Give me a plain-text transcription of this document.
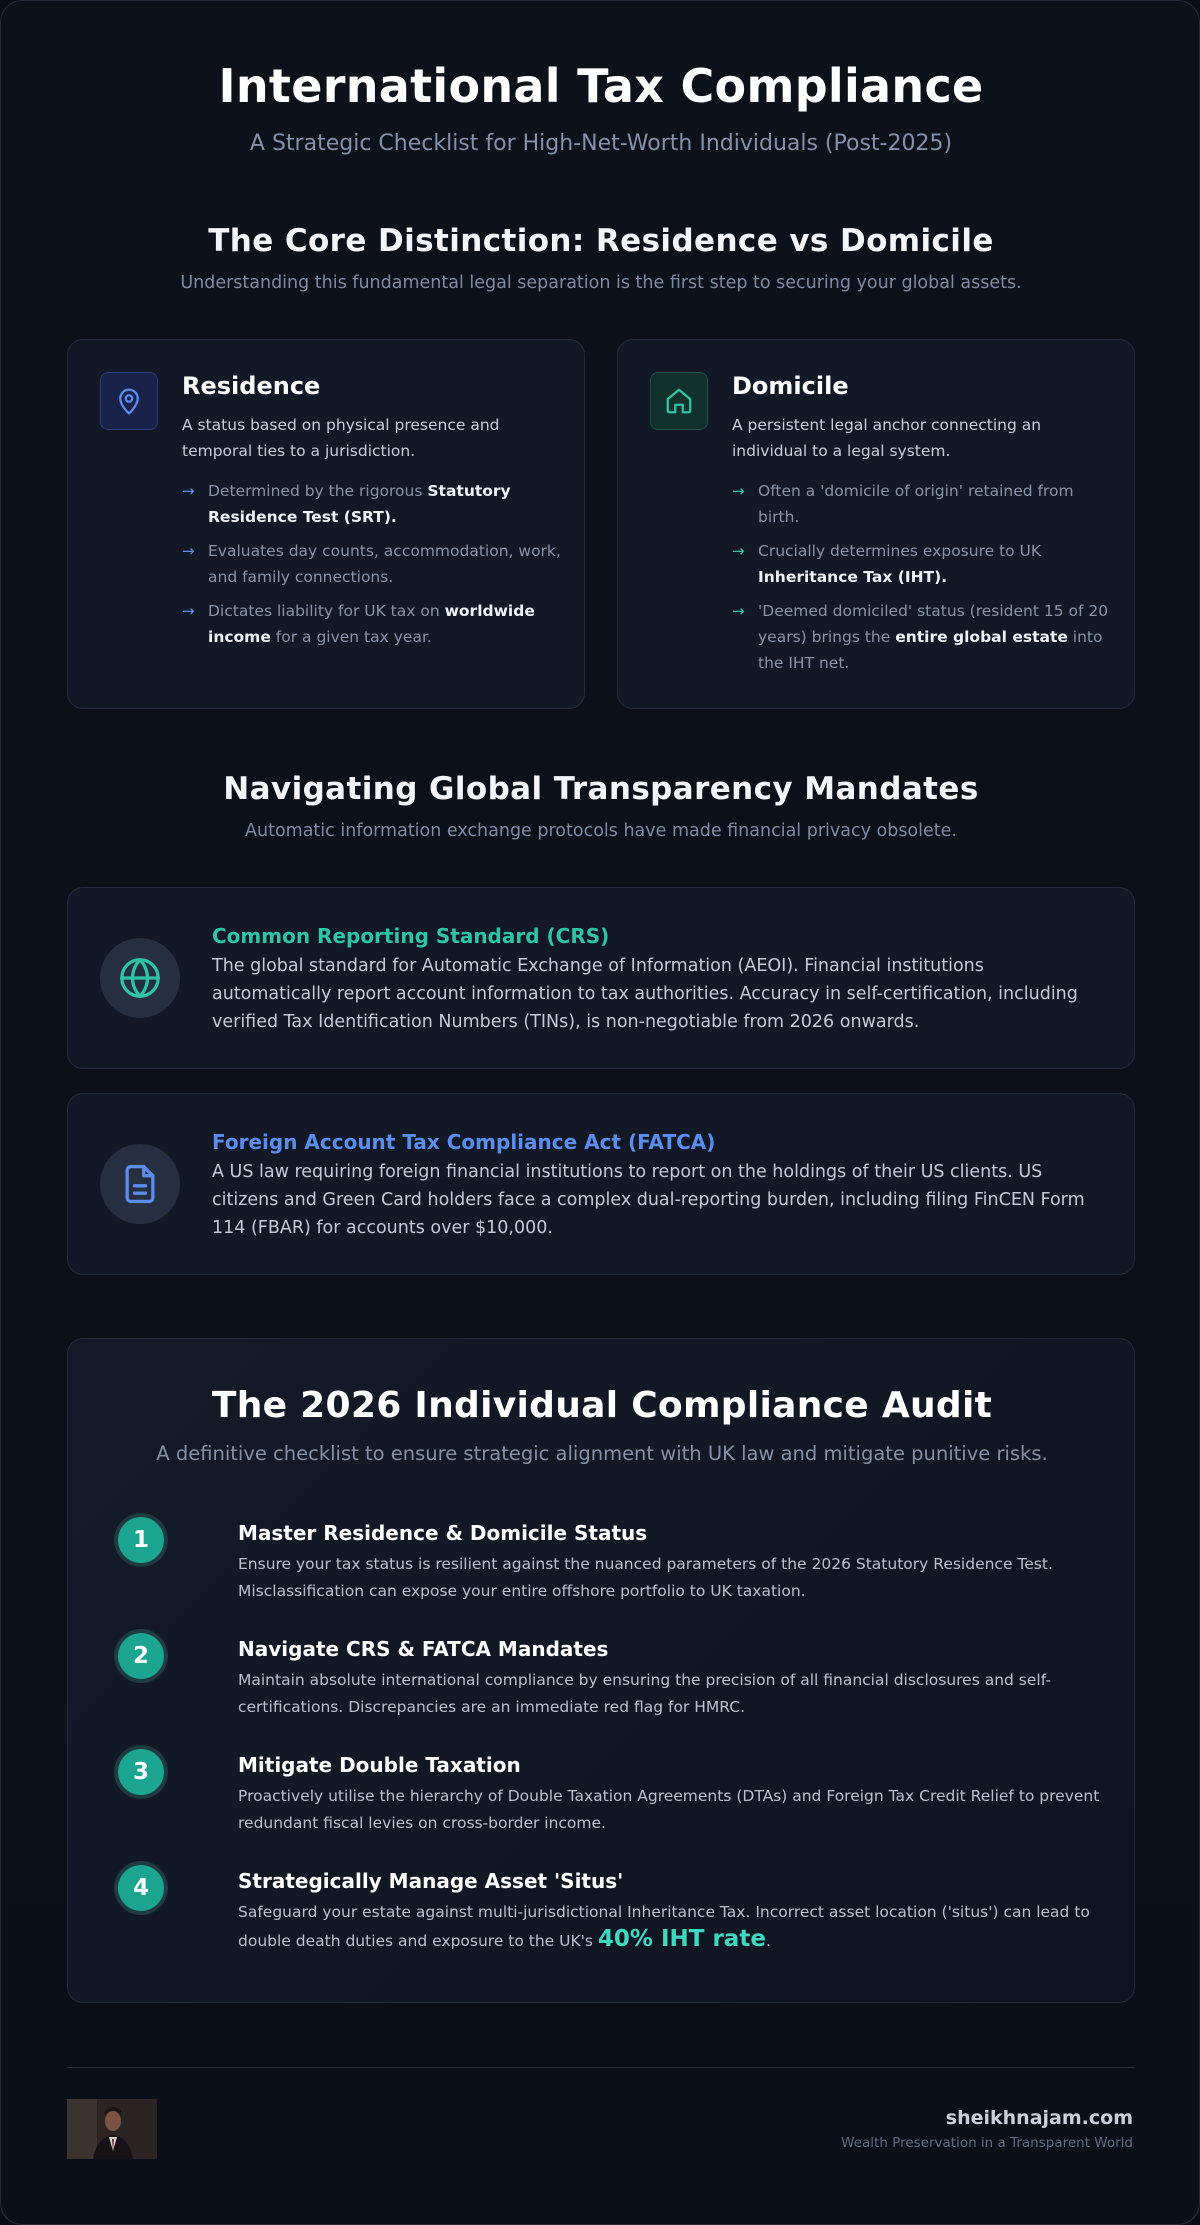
International Tax Compliance
A Strategic Checklist for High-Net-Worth Individuals (Post-2025)
The Core Distinction: Residence vs Domicile
Understanding this fundamental legal separation is the first step to securing your global assets.
Residence
A status based on physical presence and temporal ties to a jurisdiction.
→ Determined by the rigorous Statutory Residence Test (SRT).
→ Evaluates day counts, accommodation, work, and family connections.
→ Dictates liability for UK tax on worldwide income for a given tax year.
Domicile
A persistent legal anchor connecting an individual to a legal system.
→ Often a 'domicile of origin' retained from birth.
→ Crucially determines exposure to UK Inheritance Tax (IHT).
→ 'Deemed domiciled' status (resident 15 of 20 years) brings the entire global estate into the IHT net.
Navigating Global Transparency Mandates
Automatic information exchange protocols have made financial privacy obsolete.
Common Reporting Standard (CRS)
The global standard for Automatic Exchange of Information (AEOI). Financial institutions automatically report account information to tax authorities. Accuracy in self-certification, including verified Tax Identification Numbers (TINs), is non-negotiable from 2026 onwards.
Foreign Account Tax Compliance Act (FATCA)
A US law requiring foreign financial institutions to report on the holdings of their US clients. US citizens and Green Card holders face a complex dual-reporting burden, including filing FinCEN Form 114 (FBAR) for accounts over $10,000.
The 2026 Individual Compliance Audit
A definitive checklist to ensure strategic alignment with UK law and mitigate punitive risks.
1	Master Residence & Domicile Status
Ensure your tax status is resilient against the nuanced parameters of the 2026 Statutory Residence Test. Misclassification can expose your entire offshore portfolio to UK taxation.
2	Navigate CRS & FATCA Mandates
Maintain absolute international compliance by ensuring the precision of all financial disclosures and self-certifications. Discrepancies are an immediate red flag for HMRC.
3	Mitigate Double Taxation
Proactively utilise the hierarchy of Double Taxation Agreements (DTAs) and Foreign Tax Credit Relief to prevent redundant fiscal levies on cross-border income.
4	Strategically Manage Asset 'Situs'
Safeguard your estate against multi-jurisdictional Inheritance Tax. Incorrect asset location ('situs') can lead to double death duties and exposure to the UK's 40% IHT rate.
sheikhnajam.com
Wealth Preservation in a Transparent World
